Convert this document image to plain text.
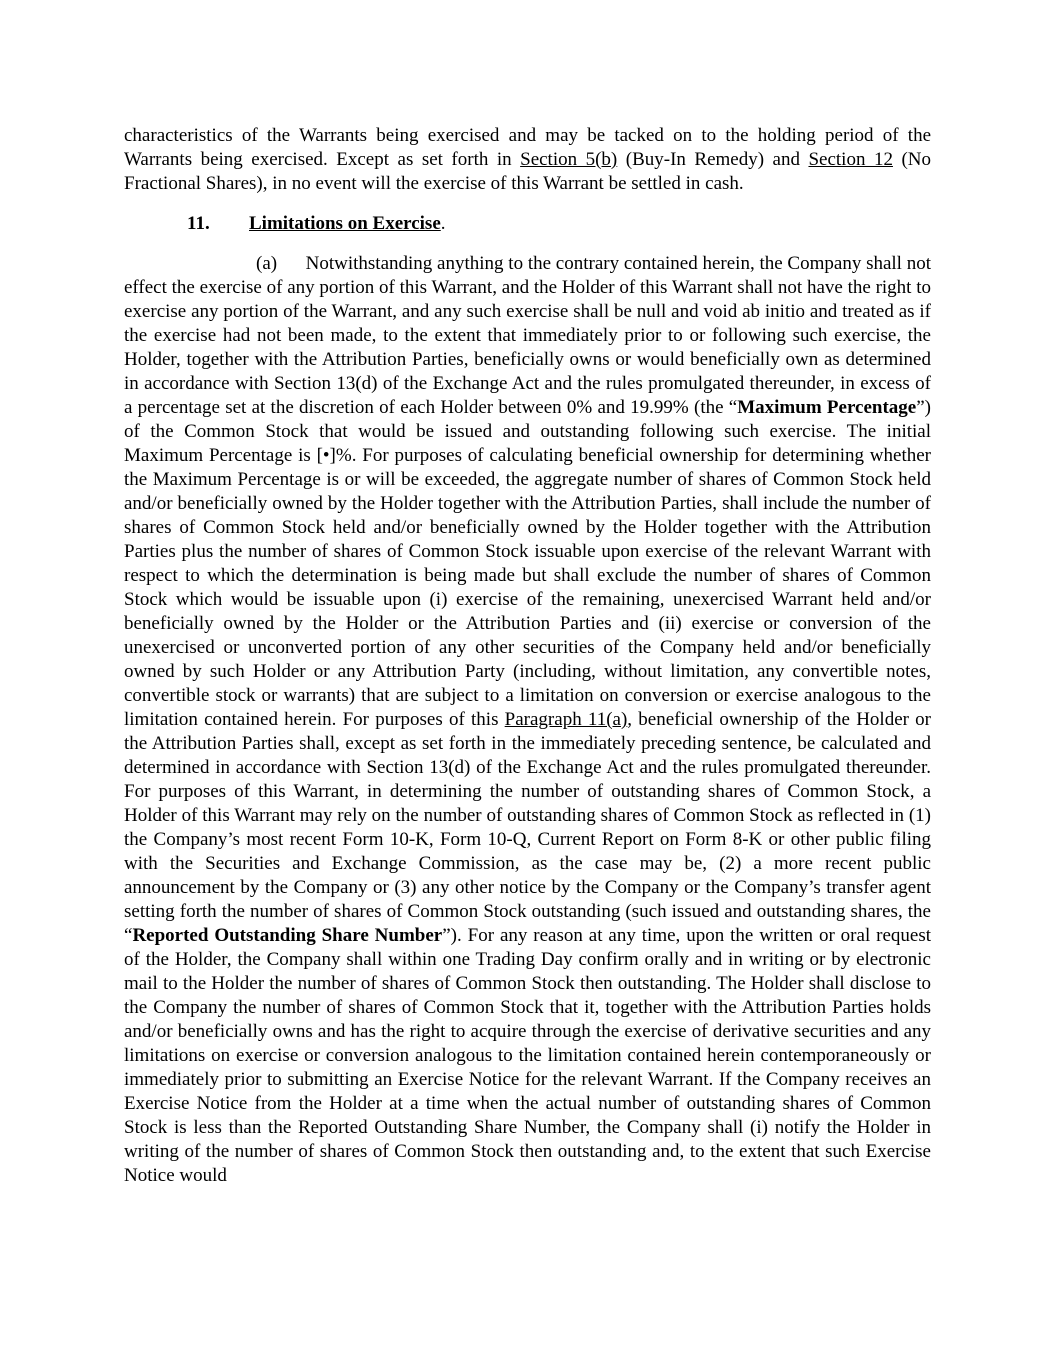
characteristics of the Warrants being exercised and may be tacked on to the holding period of the Warrants being exercised. Except as set forth in Section 5(b) (Buy-In Remedy) and Section 12 (No Fractional Shares), in no event will the exercise of this Warrant be settled in cash.

11. Limitations on Exercise.

(a)      Notwithstanding anything to the contrary contained herein, the Company shall not effect the exercise of any portion of this Warrant, and the Holder of this Warrant shall not have the right to exercise any portion of the Warrant, and any such exercise shall be null and void ab initio and treated as if the exercise had not been made, to the extent that immediately prior to or following such exercise, the Holder, together with the Attribution Parties, beneficially owns or would beneficially own as determined in accordance with Section 13(d) of the Exchange Act and the rules promulgated thereunder, in excess of a percentage set at the discretion of each Holder between 0% and 19.99% (the “Maximum Percentage”) of the Common Stock that would be issued and outstanding following such exercise. The initial Maximum Percentage is [•]%. For purposes of calculating beneficial ownership for determining whether the Maximum Percentage is or will be exceeded, the aggregate number of shares of Common Stock held and/or beneficially owned by the Holder together with the Attribution Parties, shall include the number of shares of Common Stock held and/or beneficially owned by the Holder together with the Attribution Parties plus the number of shares of Common Stock issuable upon exercise of the relevant Warrant with respect to which the determination is being made but shall exclude the number of shares of Common Stock which would be issuable upon (i) exercise of the remaining, unexercised Warrant held and/or beneficially owned by the Holder or the Attribution Parties and (ii) exercise or conversion of the unexercised or unconverted portion of any other securities of the Company held and/or beneficially owned by such Holder or any Attribution Party (including, without limitation, any convertible notes, convertible stock or warrants) that are subject to a limitation on conversion or exercise analogous to the limitation contained herein. For purposes of this Paragraph 11(a), beneficial ownership of the Holder or the Attribution Parties shall, except as set forth in the immediately preceding sentence, be calculated and determined in accordance with Section 13(d) of the Exchange Act and the rules promulgated thereunder. For purposes of this Warrant, in determining the number of outstanding shares of Common Stock, a Holder of this Warrant may rely on the number of outstanding shares of Common Stock as reflected in (1) the Company’s most recent Form 10-K, Form 10-Q, Current Report on Form 8-K or other public filing with the Securities and Exchange Commission, as the case may be, (2) a more recent public announcement by the Company or (3) any other notice by the Company or the Company’s transfer agent setting forth the number of shares of Common Stock outstanding (such issued and outstanding shares, the “Reported Outstanding Share Number”). For any reason at any time, upon the written or oral request of the Holder, the Company shall within one Trading Day confirm orally and in writing or by electronic mail to the Holder the number of shares of Common Stock then outstanding. The Holder shall disclose to the Company the number of shares of Common Stock that it, together with the Attribution Parties holds and/or beneficially owns and has the right to acquire through the exercise of derivative securities and any limitations on exercise or conversion analogous to the limitation contained herein contemporaneously or immediately prior to submitting an Exercise Notice for the relevant Warrant. If the Company receives an Exercise Notice from the Holder at a time when the actual number of outstanding shares of Common Stock is less than the Reported Outstanding Share Number, the Company shall (i) notify the Holder in writing of the number of shares of Common Stock then outstanding and, to the extent that such Exercise Notice would
